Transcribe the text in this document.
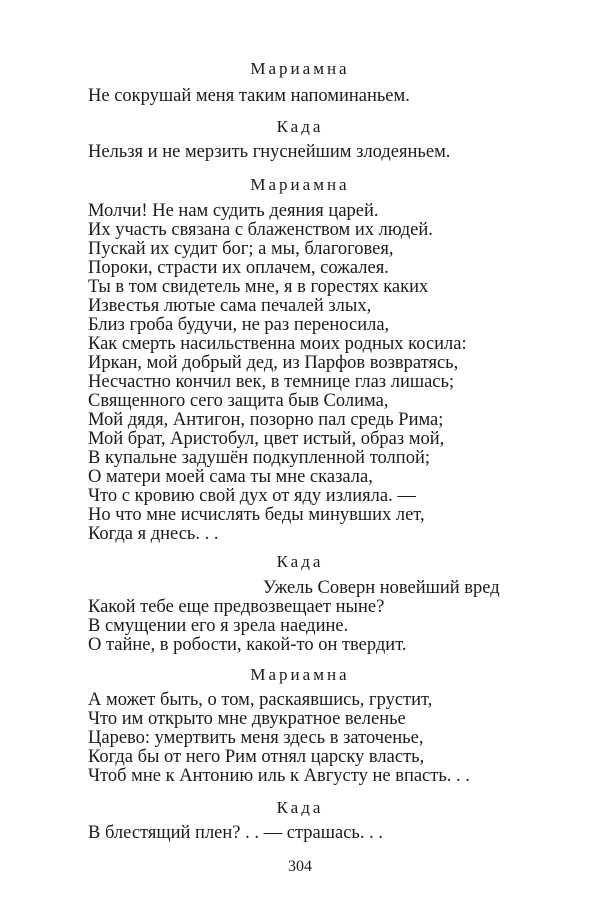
Мариамна
Не сокрушай меня таким напоминаньем.
Када
Нельзя и не мерзить гнуснейшим злодеяньем.
Мариамна
Молчи! Не нам судить деяния царей.
Их участь связана с блаженством их людей.
Пускай их судит бог; а мы, благоговея,
Пороки, страсти их оплачем, сожалея.
Ты в том свидетель мне, я в горестях каких
Известья лютые сама печалей злых,
Близ гроба будучи, не раз переносила,
Как смерть насильственна моих родных косила:
Иркан, мой добрый дед, из Парфов возвратясь,
Несчастно кончил век, в темнице глаз лишась;
Священного сего защита быв Солима,
Мой дядя, Антигон, позорно пал средь Рима;
Мой брат, Аристобул, цвет истый, образ мой,
В купальне задушён подкупленной толпой;
О матери моей сама ты мне сказала,
Что с кровию свой дух от яду излияла. —
Но что мне исчислять беды минувших лет,
Когда я днесь. . .
Када
Ужель Соверн новейший вред
Какой тебе еще предвозвещает ныне?
В смущении его я зрела наедине.
О тайне, в робости, какой-то он твердит.
Мариамна
А может быть, о том, раскаявшись, грустит,
Что им открыто мне двукратное веленье
Царево: умертвить меня здесь в заточенье,
Когда бы от него Рим отнял царску власть,
Чтоб мне к Антонию иль к Августу не впасть. . .
Када
В блестящий плен? . . — страшась. . .
304
